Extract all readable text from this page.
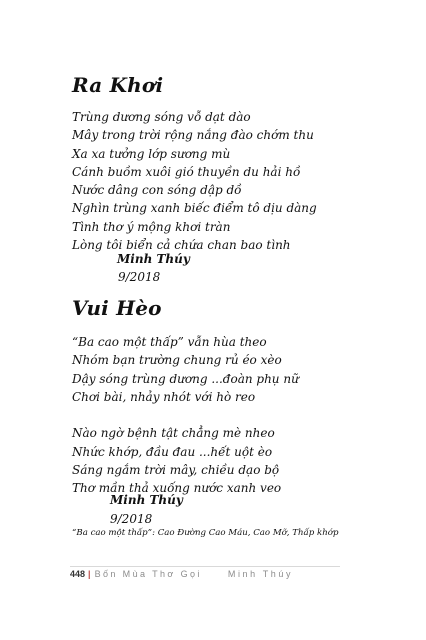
Ra Khơi
Trùng dương sóng vỗ dạt dào
Mây trong trời rộng nắng đào chớm thu
Xa xa tưởng lớp sương mù
Cánh buồm xuôi gió thuyền du hải hồ
Nước dâng con sóng dập dồ
Nghìn trùng xanh biếc điểm tô dịu dàng
Tình thơ ý mộng khơi tràn
Lòng tôi biển cả chứa chan bao tình
Minh Thúy
9/2018
Vui Hèo
“Ba cao một thấp” vẫn hùa theo
Nhóm bạn trường chung rủ éo xèo
Dậy sóng trùng dương ...đoàn phụ nữ
Chơi bài, nhảy nhót với hò reo
Nào ngờ bệnh tật chẳng mè nheo
Nhức khớp, đầu đau ...hết uột èo
Sáng ngắm trời mây, chiều dạo bộ
Thơ mần thả xuống nước xanh veo
Minh Thúy
9/2018
“Ba cao một thấp”: Cao Đường Cao Máu, Cao Mỡ, Thấp khớp
448 | Bốn Mùa Thơ Gọi	Minh Thúy
